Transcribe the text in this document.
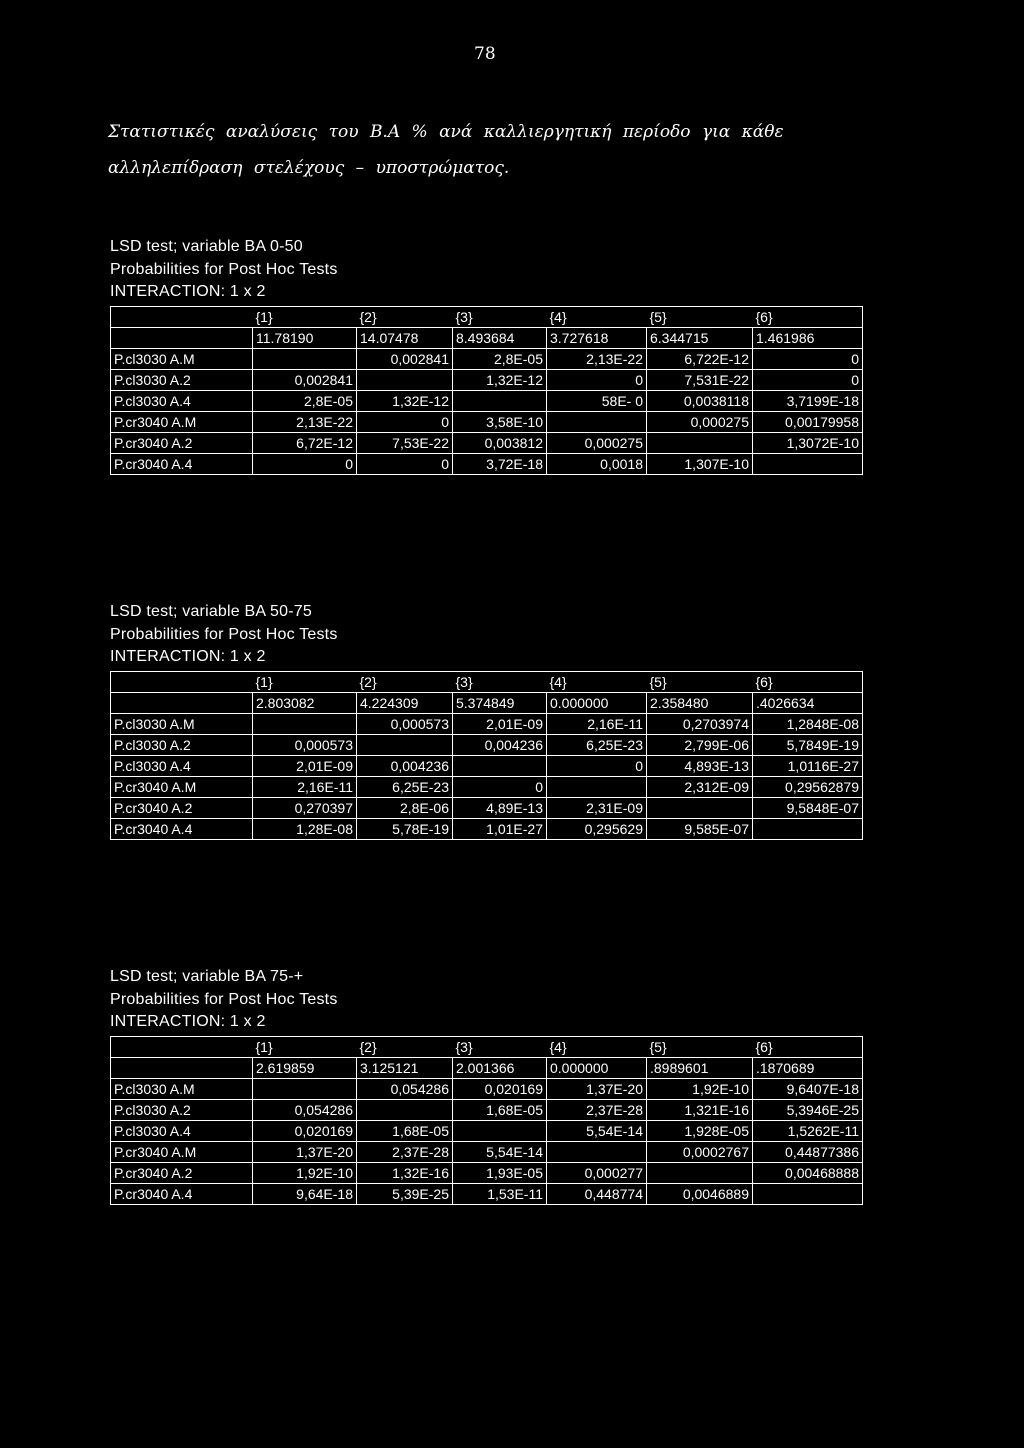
78
Στατιστικές αναλύσεις του Β.Α % ανά καλλιεργητική περίοδο για κάθε
αλληλεπίδραση στελέχους – υποστρώματος.
LSD test; variable BA 0-50
Probabilities for Post Hoc Tests
INTERACTION: 1 x 2
	{1}	{2}	{3}	{4}	{5}	{6}
	11.78190	14.07478	8.493684	3.727618	6.344715	1.461986
P.cl3030 A.M		0,002841	2,8E-05	2,13E-22	6,722E-12	0
P.cl3030 A.2	0,002841		1,32E-12	0	7,531E-22	0
P.cl3030 A.4	2,8E-05	1,32E-12		58E- 0	0,0038118	3,7199E-18
P.cr3040 A.M	2,13E-22	0	3,58E-10		0,000275	0,00179958
P.cr3040 A.2	6,72E-12	7,53E-22	0,003812	0,000275		1,3072E-10
P.cr3040 A.4	0	0	3,72E-18	0,0018	1,307E-10	
LSD test; variable BA 50-75
Probabilities for Post Hoc Tests
INTERACTION: 1 x 2
	{1}	{2}	{3}	{4}	{5}	{6}
	2.803082	4.224309	5.374849	0.000000	2.358480	.4026634
P.cl3030 A.M		0,000573	2,01E-09	2,16E-11	0,2703974	1,2848E-08
P.cl3030 A.2	0,000573		0,004236	6,25E-23	2,799E-06	5,7849E-19
P.cl3030 A.4	2,01E-09	0,004236		0	4,893E-13	1,0116E-27
P.cr3040 A.M	2,16E-11	6,25E-23	0		2,312E-09	0,29562879
P.cr3040 A.2	0,270397	2,8E-06	4,89E-13	2,31E-09		9,5848E-07
P.cr3040 A.4	1,28E-08	5,78E-19	1,01E-27	0,295629	9,585E-07	
LSD test; variable BA 75-+
Probabilities for Post Hoc Tests
INTERACTION: 1 x 2
	{1}	{2}	{3}	{4}	{5}	{6}
	2.619859	3.125121	2.001366	0.000000	.8989601	.1870689
P.cl3030 A.M		0,054286	0,020169	1,37E-20	1,92E-10	9,6407E-18
P.cl3030 A.2	0,054286		1,68E-05	2,37E-28	1,321E-16	5,3946E-25
P.cl3030 A.4	0,020169	1,68E-05		5,54E-14	1,928E-05	1,5262E-11
P.cr3040 A.M	1,37E-20	2,37E-28	5,54E-14		0,0002767	0,44877386
P.cr3040 A.2	1,92E-10	1,32E-16	1,93E-05	0,000277		0,00468888
P.cr3040 A.4	9,64E-18	5,39E-25	1,53E-11	0,448774	0,0046889	
